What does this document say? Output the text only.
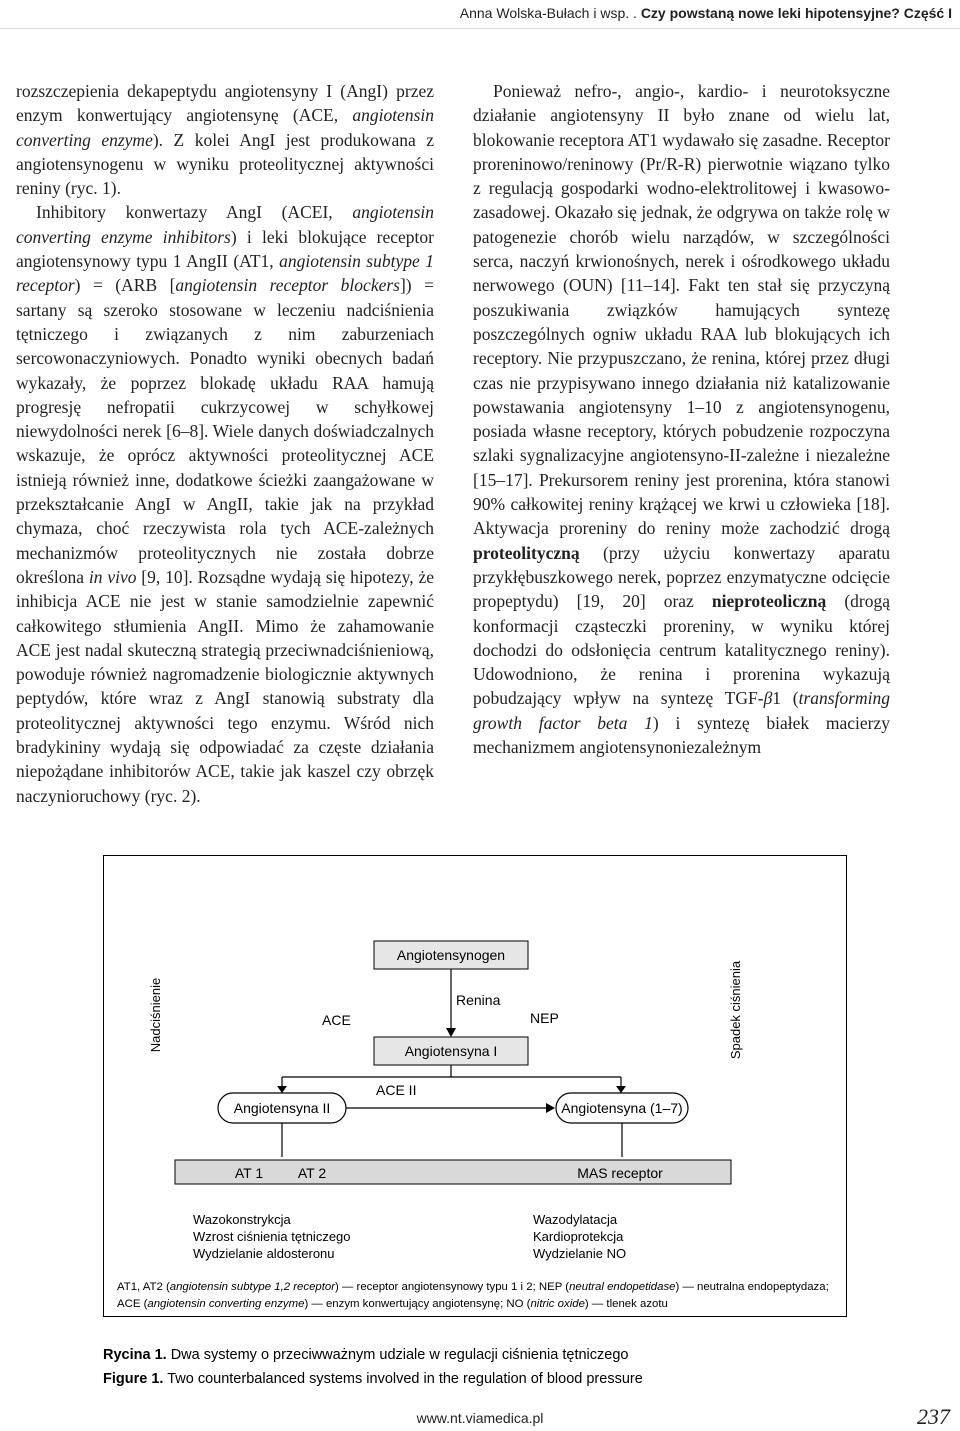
Anna Wolska-Bułach i wsp. . Czy powstaną nowe leki hipotensyjne? Część I

rozszczepienia dekapeptydu angiotensyny I (AngI) przez enzym konwertujący angiotensynę (ACE, angiotensin converting enzyme). Z kolei AngI jest produkowana z angiotensynogenu w wyniku proteolitycznej aktywności reniny (ryc. 1).

Inhibitory konwertazy AngI (ACEI, angiotensin converting enzyme inhibitors) i leki blokujące receptor angiotensynowy typu 1 AngII (AT1, angiotensin subtype 1 receptor) = (ARB [angiotensin receptor blockers]) = sartany są szeroko stosowane w leczeniu nadciśnienia tętniczego i związanych z nim zaburzeniach sercowonaczyniowych. Ponadto wyniki obecnych badań wykazały, że poprzez blokadę układu RAA hamują progresję nefropatii cukrzycowej w schyłkowej niewydolności nerek [6–8]. Wiele danych doświadczalnych wskazuje, że oprócz aktywności proteolitycznej ACE istnieją również inne, dodatkowe ścieżki zaangażowane w przekształcanie AngI w AngII, takie jak na przykład chymaza, choć rzeczywista rola tych ACE-zależnych mechanizmów proteolitycznych nie została dobrze określona in vivo [9, 10]. Rozsądne wydają się hipotezy, że inhibicja ACE nie jest w stanie samodzielnie zapewnić całkowitego stłumienia AngII. Mimo że zahamowanie ACE jest nadal skuteczną strategią przeciwnadciśnieniową, powoduje również nagromadzenie biologicznie aktywnych peptydów, które wraz z AngI stanowią substraty dla proteolitycznej aktywności tego enzymu. Wśród nich bradykininy wydają się odpowiadać za częste działania niepożądane inhibitorów ACE, takie jak kaszel czy obrzęk naczynioruchowy (ryc. 2).

Ponieważ nefro-, angio-, kardio- i neurotoksyczne działanie angiotensyny II było znane od wielu lat, blokowanie receptora AT1 wydawało się zasadne. Receptor proreninowo/reninowy (Pr/R-R) pierwotnie wiązano tylko z regulacją gospodarki wodno-elektrolitowej i kwasowo-zasadowej. Okazało się jednak, że odgrywa on także rolę w patogenezie chorób wielu narządów, w szczególności serca, naczyń krwionośnych, nerek i ośrodkowego układu nerwowego (OUN) [11–14]. Fakt ten stał się przyczyną poszukiwania związków hamujących syntezę poszczególnych ogniw układu RAA lub blokujących ich receptory. Nie przypuszczano, że renina, której przez długi czas nie przypisywano innego działania niż katalizowanie powstawania angiotensyny 1–10 z angiotensynogenu, posiada własne receptory, których pobudzenie rozpoczyna szlaki sygnalizacyjne angiotensyno-II-zależne i niezależne [15–17]. Prekursorem reniny jest prorenina, która stanowi 90% całkowitej reniny krążącej we krwi u człowieka [18]. Aktywacja proreniny do reniny może zachodzić drogą proteolityczną (przy użyciu konwertazy aparatu przykłębuszkowego nerek, poprzez enzymatyczne odcięcie propeptydu) [19, 20] oraz nieproteoliczną (drogą konformacji cząsteczki proreniny, w wyniku której dochodzi do odsłonięcia centrum katalitycznego reniny). Udowodniono, że renina i prorenina wykazują pobudzający wpływ na syntezę TGF-β1 (transforming growth factor beta 1) i syntezę białek macierzy mechanizmem angiotensynoniezależnym

Nadciśnienie	Spadek ciśnienia
Angiotensynogen
Renina
Angiotensyna I
ACE	NEP
Angiotensyna II	Angiotensyna (1–7)
ACE II
AT 1 AT 2	MAS receptor
Wazokonstrykcja
Wzrost ciśnienia tętniczego
Wydzielanie aldosteronu
Wazodylatacja
Kardioprotekcja
Wydzielanie NO
AT1, AT2 (angiotensin subtype 1,2 receptor) — receptor angiotensynowy typu 1 i 2; NEP (neutral endopetidase) — neutralna endopeptydaza; ACE (angiotensin converting enzyme) — enzym konwertujący angiotensynę; NO (nitric oxide) — tlenek azotu
Rycina 1. Dwa systemy o przeciwważnym udziale w regulacji ciśnienia tętniczego
Figure 1. Two counterbalanced systems involved in the regulation of blood pressure
www.nt.viamedica.pl	237
